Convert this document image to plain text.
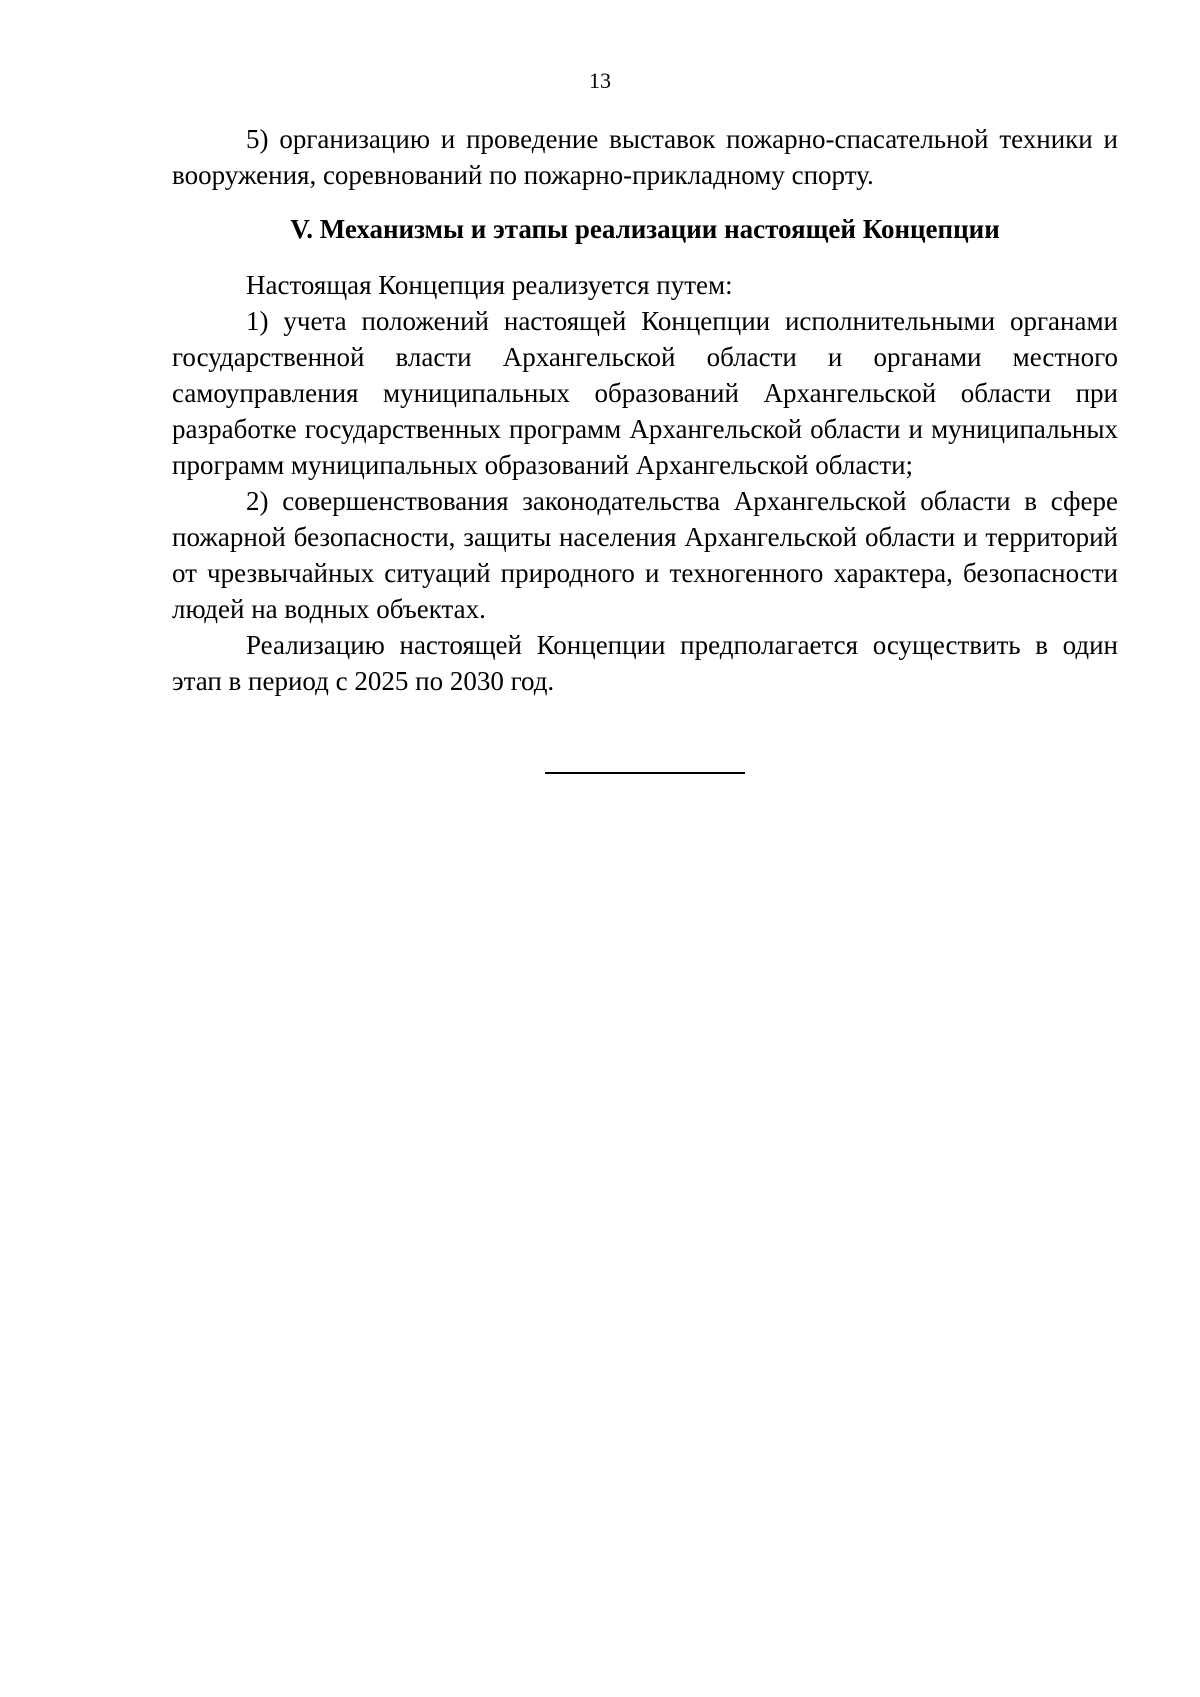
13

5) организацию и проведение выставок пожарно-спасательной техники и вооружения, соревнований по пожарно-прикладному спорту.

V. Механизмы и этапы реализации настоящей Концепции

Настоящая Концепция реализуется путем:

1) учета положений настоящей Концепции исполнительными органами государственной власти Архангельской области и органами местного самоуправления муниципальных образований Архангельской области при разработке государственных программ Архангельской области и муниципальных программ муниципальных образований Архангельской области;

2) совершенствования законодательства Архангельской области в сфере пожарной безопасности, защиты населения Архангельской области и территорий от чрезвычайных ситуаций природного и техногенного характера, безопасности людей на водных объектах.

Реализацию настоящей Концепции предполагается осуществить в один этап в период с 2025 по 2030 год.
